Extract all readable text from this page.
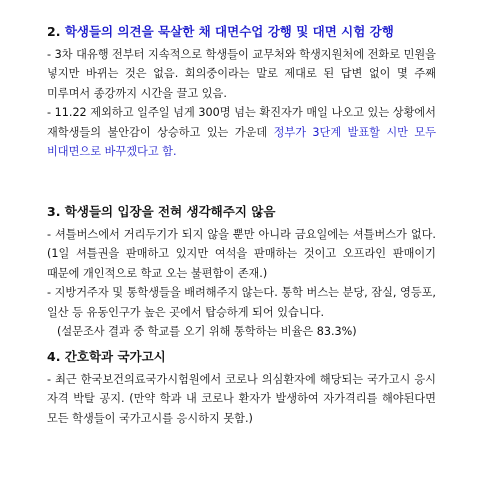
2. 학생들의 의견을 묵살한 채 대면수업 강행 및 대면 시험 강행

- 3차 대유행 전부터 지속적으로 학생들이 교무처와 학생지원처에 전화로 민원을 넣지만 바뀌는 것은 없음. 회의중이라는 말로 제대로 된 답변 없이 몇 주째 미루며서 종강까지 시간을 끌고 있음.

- 11.22 제외하고 일주일 넘게 300명 넘는 확진자가 매일 나오고 있는 상황에서 재학생들의 불안감이 상승하고 있는 가운데 정부가 3단계 발표할 시만 모두 비대면으로 바꾸겠다고 함.

3. 학생들의 입장을 전혀 생각해주지 않음

- 셔틀버스에서 거리두기가 되지 않을 뿐만 아니라 금요일에는 셔틀버스가 없다. (1일 셔틀권을 판매하고 있지만 여석을 판매하는 것이고 오프라인 판매이기 때문에 개인적으로 학교 오는 불편함이 존재.)

- 지방거주자 및 통학생들을 배려해주지 않는다. 통학 버스는 분당, 잠실, 영등포, 일산 등 유동인구가 높은 곳에서 탑승하게 되어 있습니다.

(설문조사 결과 중 학교를 오기 위해 통학하는 비율은 83.3%)

4. 간호학과 국가고시

- 최근 한국보건의료국가시험원에서 코로나 의심환자에 해당되는 국가고시 응시 자격 박탈 공지. (만약 학과 내 코로나 환자가 발생하여 자가격리를 해야된다면 모든 학생들이 국가고시를 응시하지 못함.)
